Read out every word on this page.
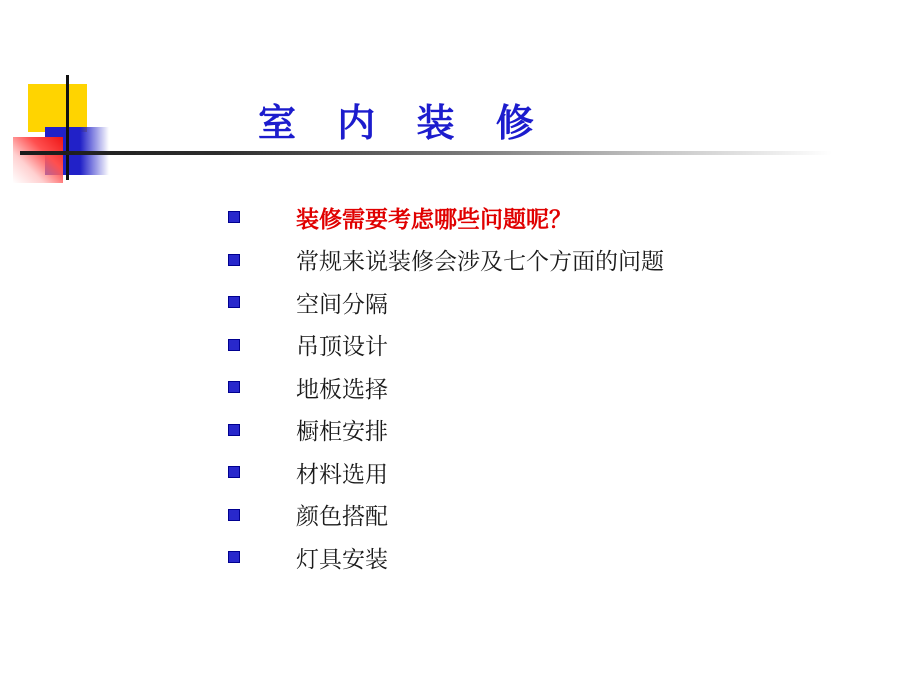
室 内 装 修
装修需要考虑哪些问题呢？
常规来说装修会涉及七个方面的问题
空间分隔
吊顶设计
地板选择
橱柜安排
材料选用
颜色搭配
灯具安装
